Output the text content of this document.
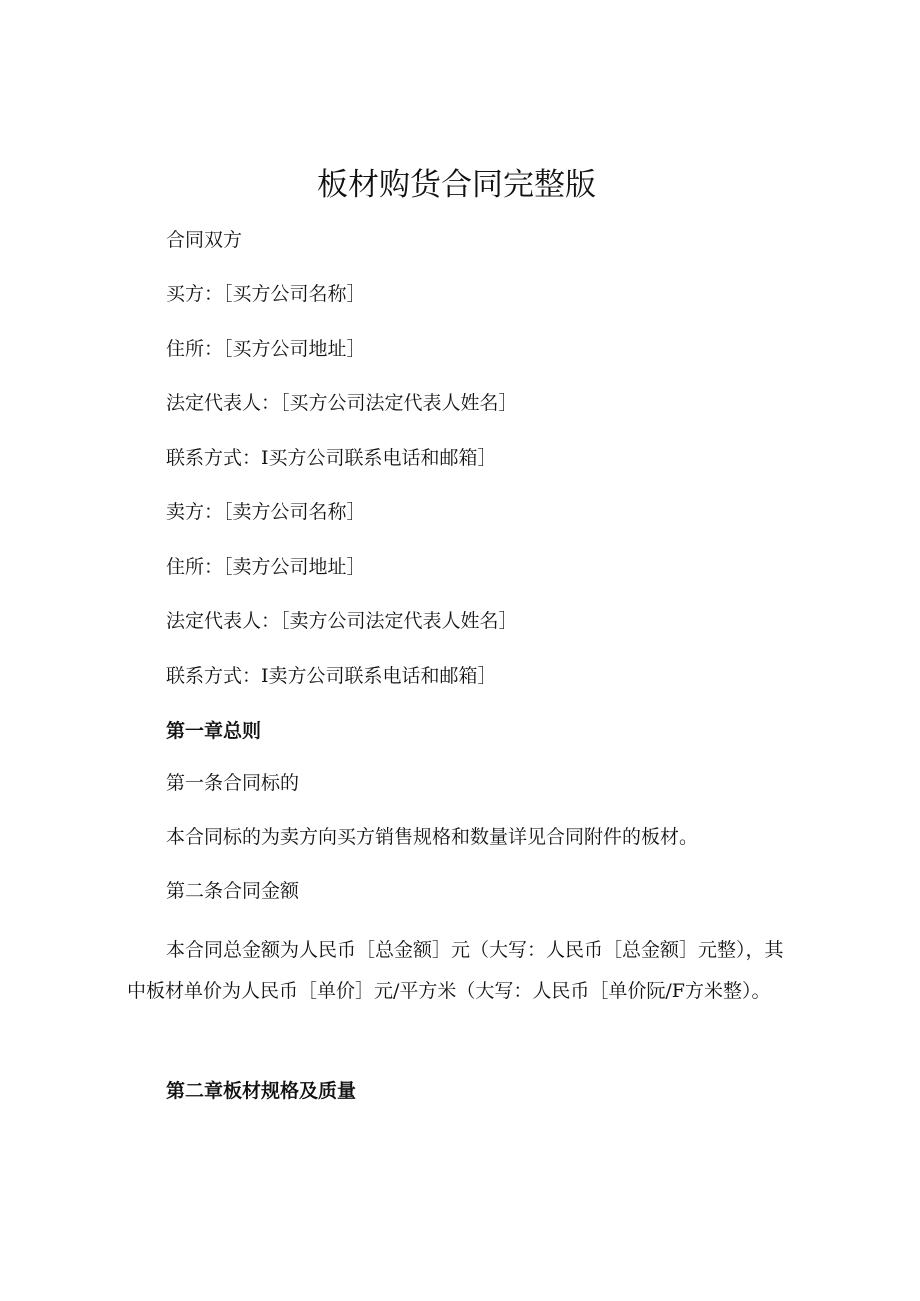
板材购货合同完整版

合同双方

买方：［买方公司名称］

住所：［买方公司地址］

法定代表人：［买方公司法定代表人姓名］

联系方式：I买方公司联系电话和邮箱］

卖方：［卖方公司名称］

住所：［卖方公司地址］

法定代表人：［卖方公司法定代表人姓名］

联系方式：I卖方公司联系电话和邮箱］

第一章总则

第一条合同标的

本合同标的为卖方向买方销售规格和数量详见合同附件的板材。

第二条合同金额

本合同总金额为人民币［总金额］元（大写：人民币［总金额］元整），其中板材单价为人民币［单价］元/平方米（大写：人民币［单价阮/F方米整）。

第二章板材规格及质量
